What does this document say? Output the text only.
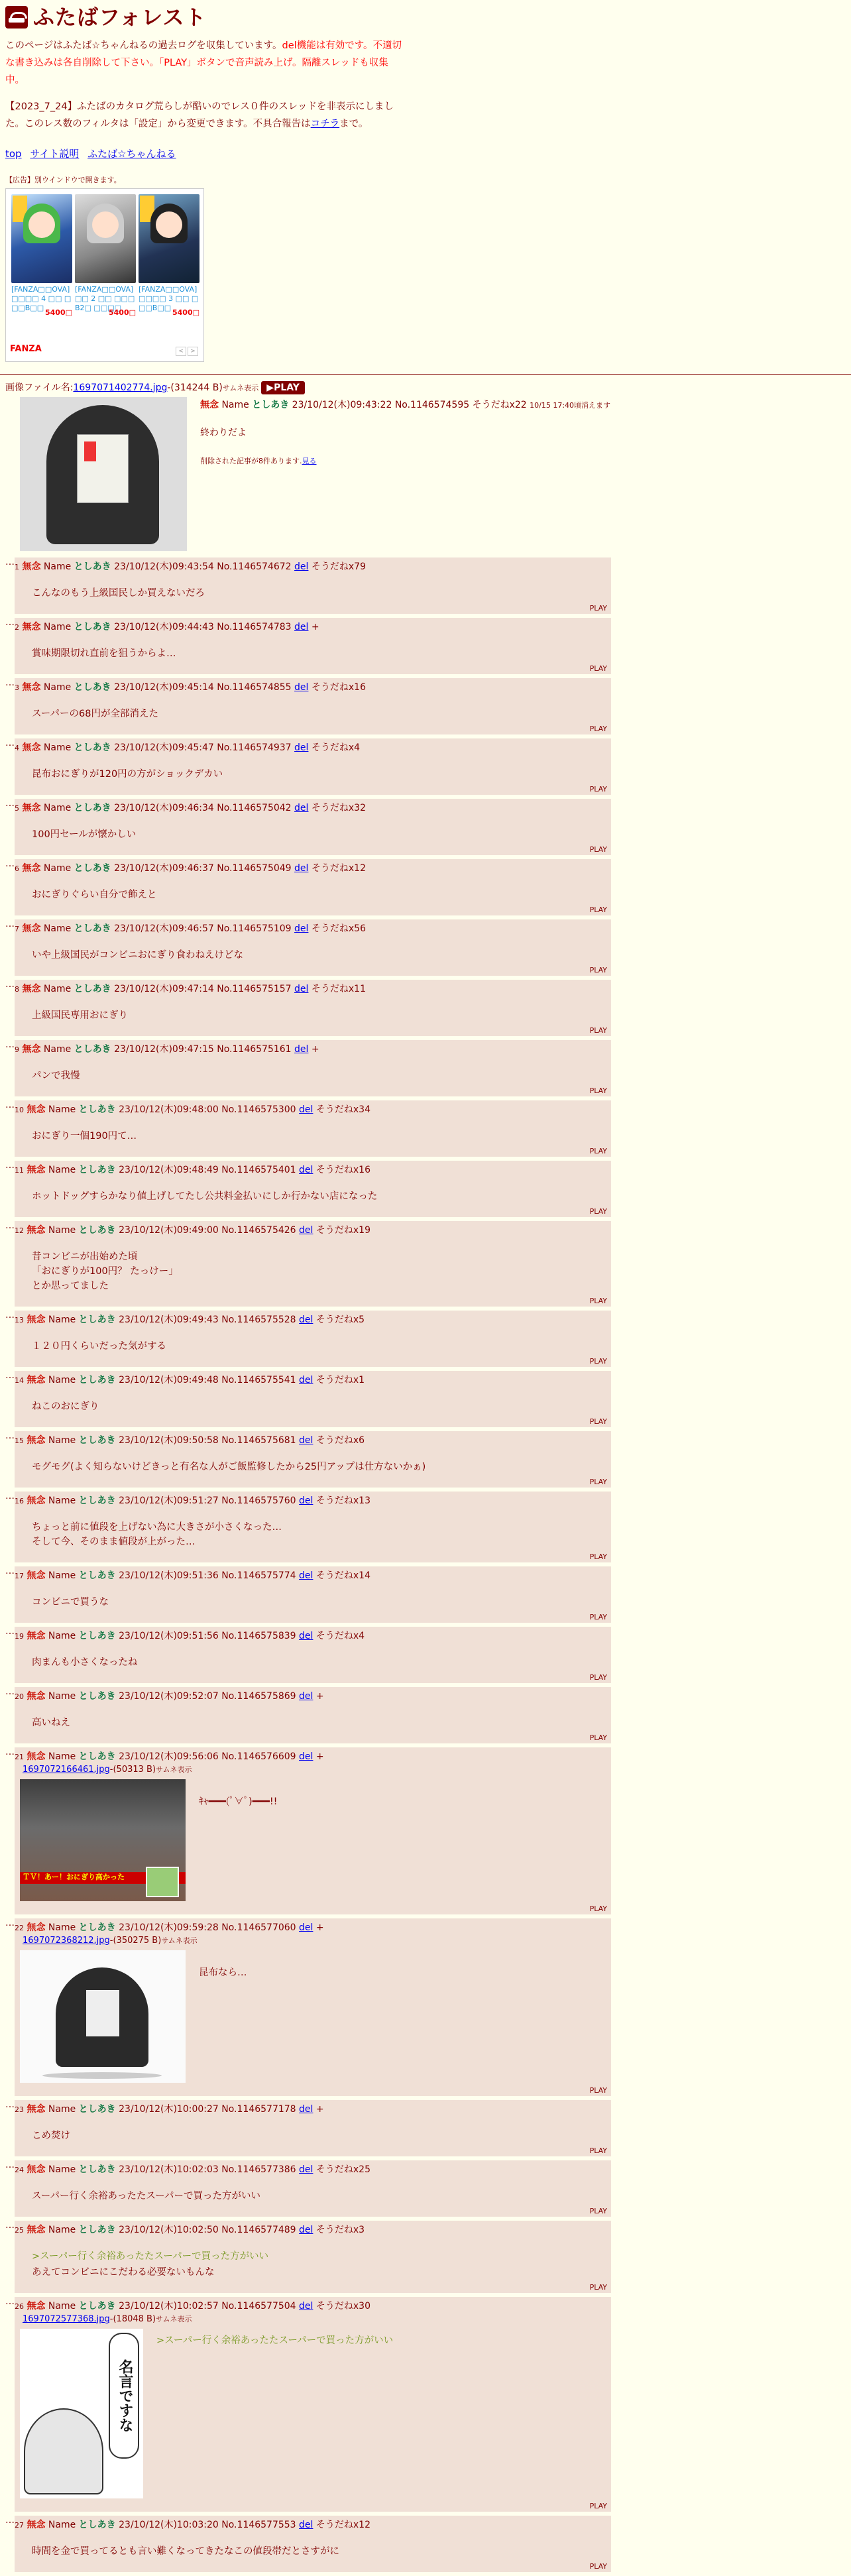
ふたばフォレスト
このページはふたば☆ちゃんねるの過去ログを収集しています。del機能は有効です。不適切な書き込みは各自削除して下さい。「PLAY」ボタンで音声読み上げ。隔離スレッドも収集中。
【2023_7_24】ふたばのカタログ荒らしが酷いのでレス０件のスレッドを非表示にしました。このレス数のフィルタは「設定」から変更できます。不具合報告はコチラまで。
top サイト説明 ふたば☆ちゃんねる
【広告】別ウインドウで開きます。
[FANZA□□OVA] □□□□ 4 □□ □□□B□□
5400□
[FANZA□□OVA] □□ 2 □□ □□□B2□ □□□□
5400□
[FANZA□□OVA] □□□□ 3 □□ □□□B□□
5400□
FANZA	<	>
画像ファイル名:1697071402774.jpg-(314244 B)サムネ表示 ▶PLAY
無念 Name としあき 23/10/12(木)09:43:22 No.1146574595 そうだねx22 10/15 17:40頃消えます
終わりだよ
削除された記事が8件あります.見る
… 1 無念 Name としあき 23/10/12(木)09:43:54 No.1146574672 del そうだねx79
こんなのもう上級国民しか買えないだろ
PLAY
… 2 無念 Name としあき 23/10/12(木)09:44:43 No.1146574783 del +
賞味期限切れ直前を狙うからよ…
PLAY
… 3 無念 Name としあき 23/10/12(木)09:45:14 No.1146574855 del そうだねx16
スーパーの68円が全部消えた
PLAY
… 4 無念 Name としあき 23/10/12(木)09:45:47 No.1146574937 del そうだねx4
昆布おにぎりが120円の方がショックデカい
PLAY
… 5 無念 Name としあき 23/10/12(木)09:46:34 No.1146575042 del そうだねx32
100円セールが懐かしい
PLAY
… 6 無念 Name としあき 23/10/12(木)09:46:37 No.1146575049 del そうだねx12
おにぎりぐらい自分で飾えと
PLAY
… 7 無念 Name としあき 23/10/12(木)09:46:57 No.1146575109 del そうだねx56
いや上級国民がコンビニおにぎり食わねえけどな
PLAY
… 8 無念 Name としあき 23/10/12(木)09:47:14 No.1146575157 del そうだねx11
上級国民専用おにぎり
PLAY
… 9 無念 Name としあき 23/10/12(木)09:47:15 No.1146575161 del +
パンで我慢
PLAY
… 10 無念 Name としあき 23/10/12(木)09:48:00 No.1146575300 del そうだねx34
おにぎり一個190円て…
PLAY
… 11 無念 Name としあき 23/10/12(木)09:48:49 No.1146575401 del そうだねx16
ホットドッグすらかなり値上げしてたし公共料金払いにしか行かない店になった
PLAY
… 12 無念 Name としあき 23/10/12(木)09:49:00 No.1146575426 del そうだねx19
昔コンビニが出始めた頃
「おにぎりが100円？ たっけー」
とか思ってました
PLAY
… 13 無念 Name としあき 23/10/12(木)09:49:43 No.1146575528 del そうだねx5
１２０円くらいだった気がする
PLAY
… 14 無念 Name としあき 23/10/12(木)09:49:48 No.1146575541 del そうだねx1
ねこのおにぎり
PLAY
… 15 無念 Name としあき 23/10/12(木)09:50:58 No.1146575681 del そうだねx6
モグモグ(よく知らないけどきっと有名な人がご飯監修したから25円アップは仕方ないかぁ)
PLAY
… 16 無念 Name としあき 23/10/12(木)09:51:27 No.1146575760 del そうだねx13
ちょっと前に値段を上げない為に大きさが小さくなった…
そして今、そのまま値段が上がった…
PLAY
… 17 無念 Name としあき 23/10/12(木)09:51:36 No.1146575774 del そうだねx14
コンビニで買うな
PLAY
… 19 無念 Name としあき 23/10/12(木)09:51:56 No.1146575839 del そうだねx4
肉まんも小さくなったね
PLAY
… 20 無念 Name としあき 23/10/12(木)09:52:07 No.1146575869 del +
高いねえ
PLAY
… 21 無念 Name としあき 23/10/12(木)09:56:06 No.1146576609 del +
1697072166461.jpg-(50313 B)サムネ表示
ＴＶ！あー！おにぎり高かった
ｷｬ━━━(ﾟ∀ﾟ)━━━!!
PLAY
… 22 無念 Name としあき 23/10/12(木)09:59:28 No.1146577060 del +
1697072368212.jpg-(350275 B)サムネ表示
昆布なら…
PLAY
… 23 無念 Name としあき 23/10/12(木)10:00:27 No.1146577178 del +
こめ焚け
PLAY
… 24 無念 Name としあき 23/10/12(木)10:02:03 No.1146577386 del そうだねx25
スーパー行く余裕あったたスーパーで買った方がいい
PLAY
… 25 無念 Name としあき 23/10/12(木)10:02:50 No.1146577489 del そうだねx3
>スーパー行く余裕あったたスーパーで買った方がいい
あえてコンビニにこだわる必要ないもんな
PLAY
… 26 無念 Name としあき 23/10/12(木)10:02:57 No.1146577504 del そうだねx30
1697072577368.jpg-(18048 B)サムネ表示
名言ですな
>スーパー行く余裕あったたスーパーで買った方がいい
PLAY
… 27 無念 Name としあき 23/10/12(木)10:03:20 No.1146577553 del そうだねx12
時間を金で買ってるとも言い難くなってきたなこの値段帯だとさすがに
PLAY
